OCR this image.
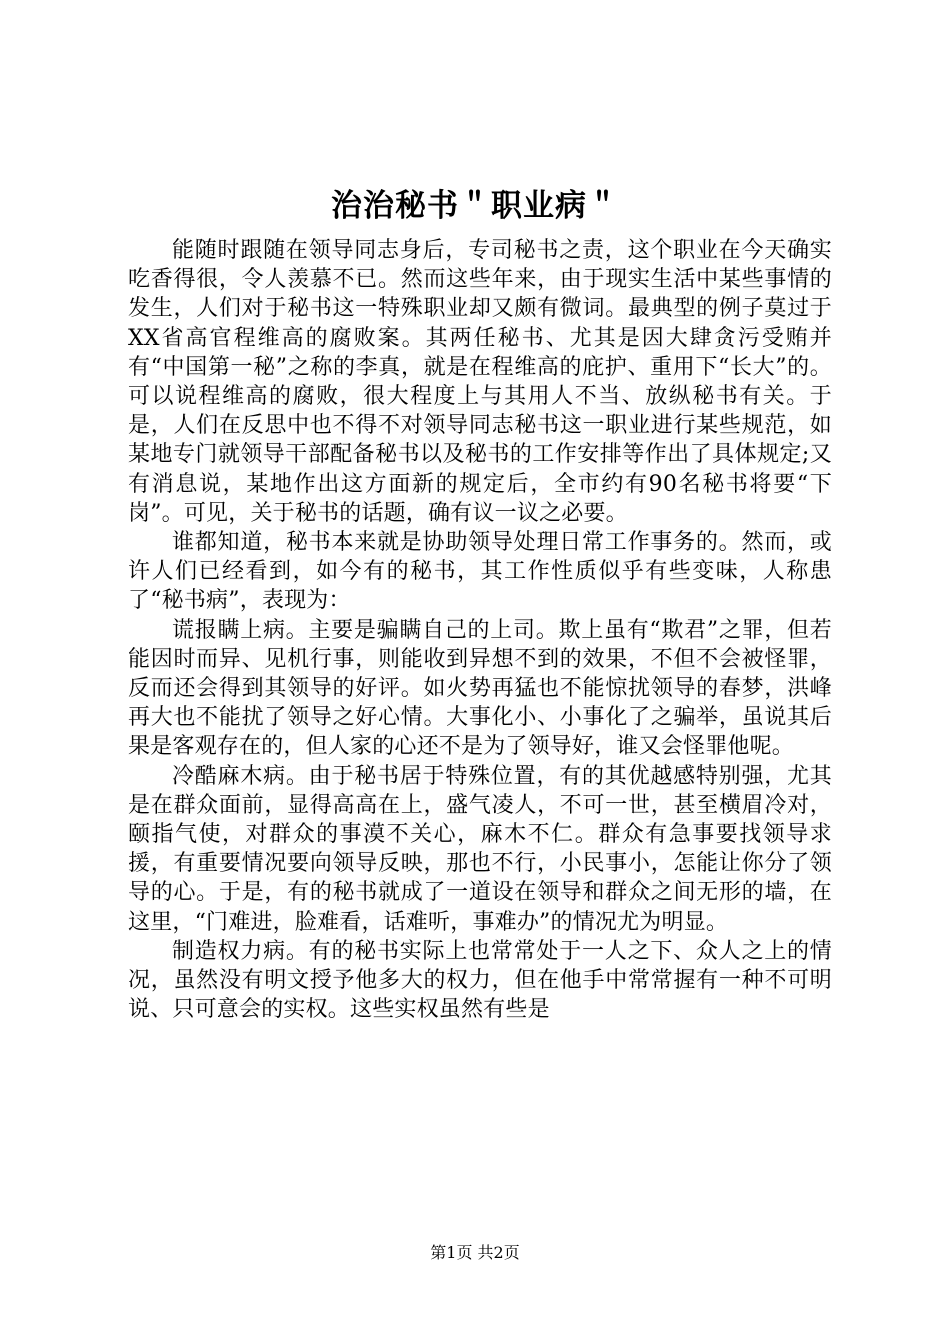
治治秘书＂职业病＂

能随时跟随在领导同志身后，专司秘书之责，这个职业在今天确实吃香得很，令人羡慕不已。然而这些年来，由于现实生活中某些事情的发生，人们对于秘书这一特殊职业却又颇有微词。最典型的例子莫过于XX省高官程维高的腐败案。其两任秘书、尤其是因大肆贪污受贿并有“中国第一秘”之称的李真，就是在程维高的庇护、重用下“长大”的。可以说程维高的腐败，很大程度上与其用人不当、放纵秘书有关。于是，人们在反思中也不得不对领导同志秘书这一职业进行某些规范，如某地专门就领导干部配备秘书以及秘书的工作安排等作出了具体规定;又有消息说，某地作出这方面新的规定后，全市约有90名秘书将要“下岗”。可见，关于秘书的话题，确有议一议之必要。

谁都知道，秘书本来就是协助领导处理日常工作事务的。然而，或许人们已经看到，如今有的秘书，其工作性质似乎有些变味，人称患了“秘书病”，表现为：

谎报瞒上病。主要是骗瞒自己的上司。欺上虽有“欺君”之罪，但若能因时而异、见机行事，则能收到异想不到的效果，不但不会被怪罪，反而还会得到其领导的好评。如火势再猛也不能惊扰领导的春梦，洪峰再大也不能扰了领导之好心情。大事化小、小事化了之骗举，虽说其后果是客观存在的，但人家的心还不是为了领导好，谁又会怪罪他呢。

冷酷麻木病。由于秘书居于特殊位置，有的其优越感特别强，尤其是在群众面前，显得高高在上，盛气凌人，不可一世，甚至横眉冷对，颐指气使，对群众的事漠不关心，麻木不仁。群众有急事要找领导求援，有重要情况要向领导反映，那也不行，小民事小，怎能让你分了领导的心。于是，有的秘书就成了一道设在领导和群众之间无形的墙，在这里，“门难进，脸难看，话难听，事难办”的情况尤为明显。

制造权力病。有的秘书实际上也常常处于一人之下、众人之上的情况，虽然没有明文授予他多大的权力，但在他手中常常握有一种不可明说、只可意会的实权。这些实权虽然有些是

第1页 共2页
